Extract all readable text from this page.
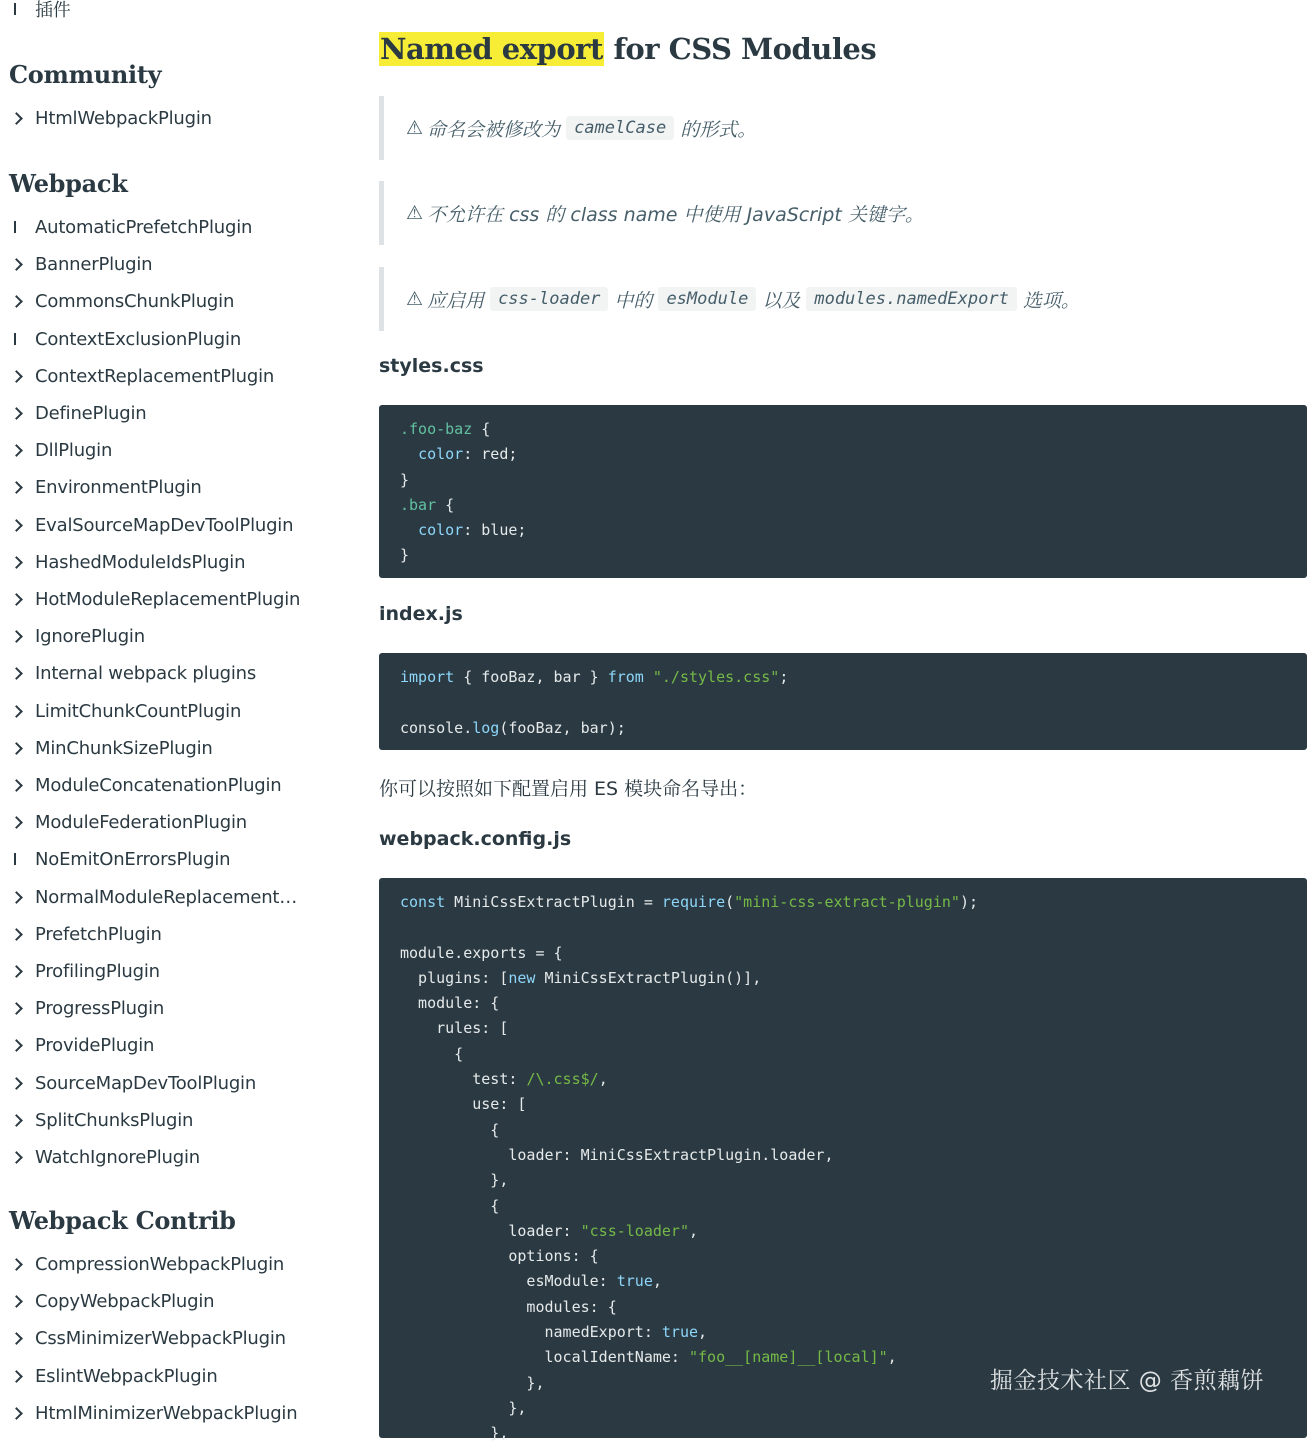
插件
Community
HtmlWebpackPlugin
Webpack
AutomaticPrefetchPlugin
BannerPlugin
CommonsChunkPlugin
ContextExclusionPlugin
ContextReplacementPlugin
DefinePlugin
DllPlugin
EnvironmentPlugin
EvalSourceMapDevToolPlugin
HashedModuleIdsPlugin
HotModuleReplacementPlugin
IgnorePlugin
Internal webpack plugins
LimitChunkCountPlugin
MinChunkSizePlugin
ModuleConcatenationPlugin
ModuleFederationPlugin
NoEmitOnErrorsPlugin
NormalModuleReplacement…
PrefetchPlugin
ProfilingPlugin
ProgressPlugin
ProvidePlugin
SourceMapDevToolPlugin
SplitChunksPlugin
WatchIgnorePlugin
Webpack Contrib
CompressionWebpackPlugin
CopyWebpackPlugin
CssMinimizerWebpackPlugin
EslintWebpackPlugin
HtmlMinimizerWebpackPlugin
Named export for CSS Modules
⚠ 命名会被修改为 camelCase 的形式。
⚠ 不允许在 css 的 class name 中使用 JavaScript 关键字。
⚠ 应启用 css-loader 中的 esModule 以及 modules.namedExport 选项。
styles.css
.foo-baz {
color: red;
}
.bar {
color: blue;
}

index.js
import { fooBaz, bar } from "./styles.css";

console.log(fooBaz, bar);

你可以按照如下配置启用 ES 模块命名导出：
webpack.config.js
const MiniCssExtractPlugin = require("mini-css-extract-plugin");

module.exports = {
plugins: [new MiniCssExtractPlugin()],
module: {
rules: [
{
test: /\.css$/,
use: [
{
loader: MiniCssExtractPlugin.loader,
},
{
loader: "css-loader",
options: {
esModule: true,
modules: {
namedExport: true,
localIdentName: "foo__[name]__[local]",
},
},
},

掘金技术社区 @ 香煎藕饼
